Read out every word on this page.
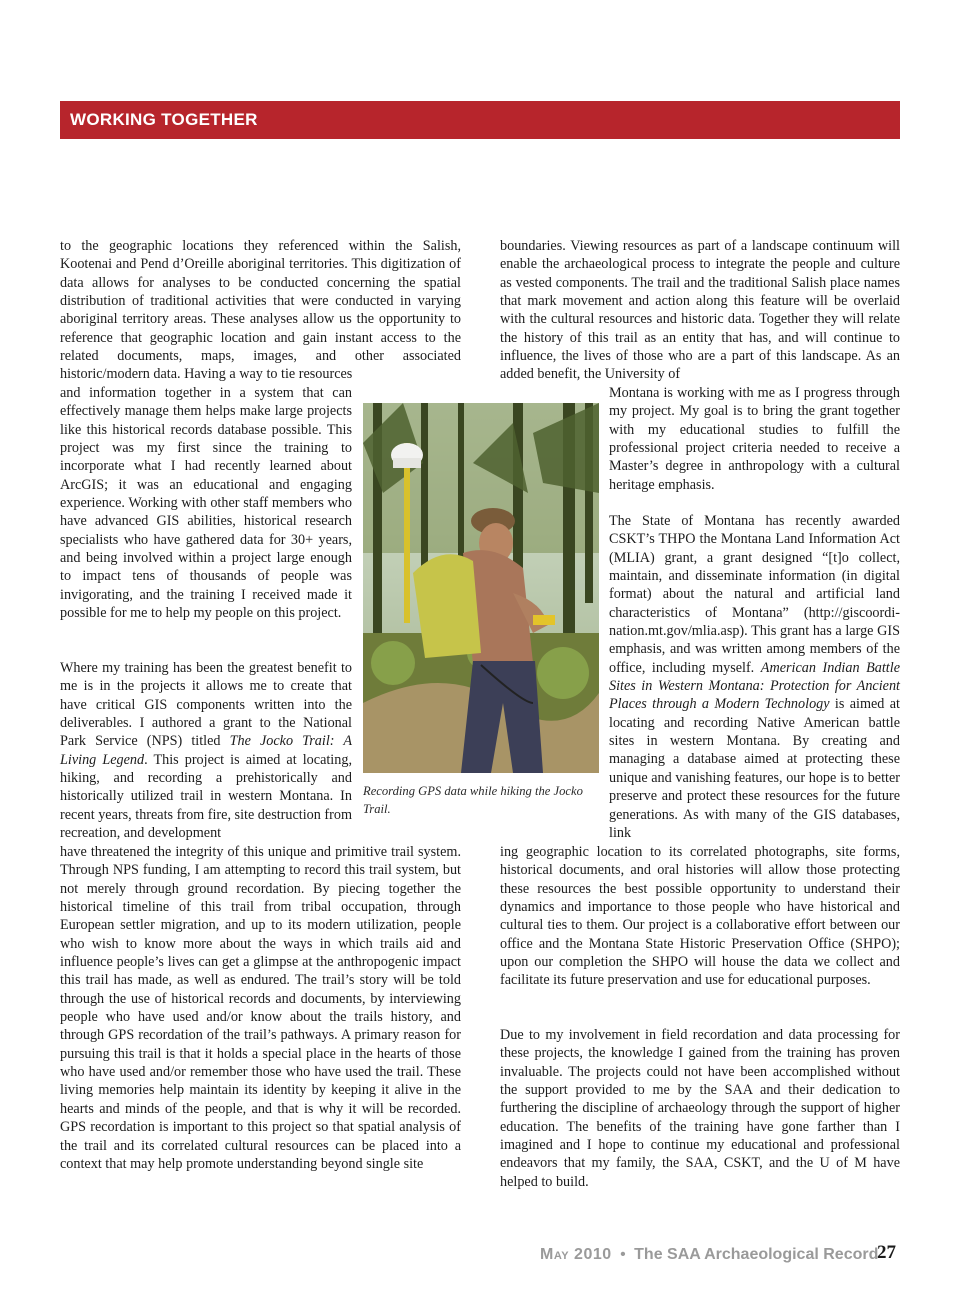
WORKING TOGETHER

to the geographic locations they referenced within the Salish, Kootenai and Pend d’Oreille aboriginal territories. This digitization of data allows for analyses to be conducted concerning the spatial distribution of traditional activities that were conducted in varying aboriginal territory areas. These analyses allow us the opportunity to reference that geographic location and gain instant access to the related documents, maps, images, and other associated historic/modern data. Having a way to tie resources

and information together in a system that can effectively manage them helps make large projects like this historical records database possible. This project was my first since the training to incorporate what I had recently learned about ArcGIS; it was an educational and engaging experience. Working with other staff members who have advanced GIS abilities, historical research specialists who have gathered data for 30+ years, and being involved within a project large enough to impact tens of thousands of people was invigorating, and the training I received made it possible for me to help my people on this project.

Where my training has been the greatest benefit to me is in the projects it allows me to create that have critical GIS components written into the deliverables. I authored a grant to the National Park Service (NPS) titled The Jocko Trail: A Living Legend. This project is aimed at locating, hiking, and recording a prehistorically and historically utilized trail in western Montana. In recent years, threats from fire, site destruction from recreation, and development

have threatened the integrity of this unique and primitive trail system. Through NPS funding, I am attempting to record this trail system, but not merely through ground recordation. By piecing together the historical timeline of this trail from tribal occupation, through European settler migration, and up to its modern utilization, people who wish to know more about the ways in which trails aid and influence people’s lives can get a glimpse at the anthropogenic impact this trail has made, as well as endured. The trail’s story will be told through the use of historical records and documents, by interviewing people who have used and/or know about the trails history, and through GPS recordation of the trail’s pathways. A primary reason for pursuing this trail is that it holds a special place in the hearts of those who have used and/or remember those who have used the trail. These living memories help maintain its identity by keeping it alive in the hearts and minds of the people, and that is why it will be recorded. GPS recordation is important to this project so that spatial analysis of the trail and its correlated cultural resources can be placed into a context that may help promote understanding beyond single site

Recording GPS data while hiking the Jocko Trail.

boundaries. Viewing resources as part of a landscape continuum will enable the archaeological process to integrate the people and culture as vested components. The trail and the traditional Salish place names that mark movement and action along this feature will be overlaid with the cultural resources and historic data. Together they will relate the history of this trail as an entity that has, and will continue to influence, the lives of those who are a part of this landscape. As an added benefit, the University of

Montana is working with me as I progress through my project. My goal is to bring the grant together with my educational studies to fulfill the professional project criteria needed to receive a Master’s degree in anthropology with a cultural heritage emphasis.

The State of Montana has recently awarded CSKT’s THPO the Montana Land Information Act (MLIA) grant, a grant designed “[t]o collect, maintain, and disseminate information (in digital format) about the natural and artificial land characteristics of Montana” (http://giscoordination.mt.gov/mlia.asp). This grant has a large GIS emphasis, and was written among members of the office, including myself. American Indian Battle Sites in Western Montana: Protection for Ancient Places through a Modern Technology is aimed at locating and recording Native American battle sites in western Montana. By creating and managing a database aimed at protecting these unique and vanishing features, our hope is to better preserve and protect these resources for the future generations. As with many of the GIS databases, link

ing geographic location to its correlated photographs, site forms, historical documents, and oral histories will allow those protecting these resources the best possible opportunity to understand their dynamics and importance to those people who have historical and cultural ties to them. Our project is a collaborative effort between our office and the Montana State Historic Preservation Office (SHPO); upon our completion the SHPO will house the data we collect and facilitate its future preservation and use for educational purposes.

Due to my involvement in field recordation and data processing for these projects, the knowledge I gained from the training has proven invaluable. The projects could not have been accomplished without the support provided to me by the SAA and their dedication to furthering the discipline of archaeology through the support of higher education. The benefits of the training have gone farther than I imagined and I hope to continue my educational and professional endeavors that my family, the SAA, CSKT, and the U of M have helped to build.

May 2010 • The SAA Archaeological Record
27
